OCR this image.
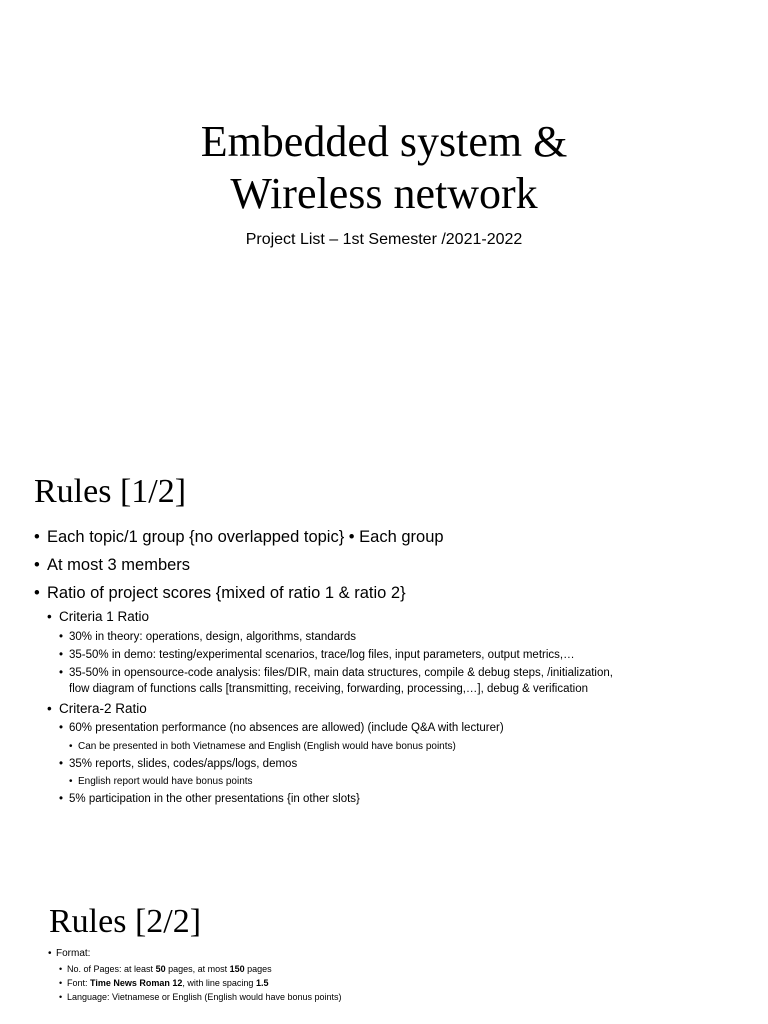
Embedded system &
Wireless network
Project List – 1st Semester /2021-2022
Rules [1/2]
• Each topic/1 group {no overlapped topic} • Each group
• At most 3 members
• Ratio of project scores {mixed of ratio 1 & ratio 2}
• Criteria 1 Ratio
• 30% in theory: operations, design, algorithms, standards
• 35-50% in demo: testing/experimental scenarios, trace/log files, input parameters, output metrics,…
• 35-50% in opensource-code analysis: files/DIR, main data structures, compile & debug steps, /initialization,
flow diagram of functions calls [transmitting, receiving, forwarding, processing,…], debug & verification
• Critera-2 Ratio
• 60% presentation performance (no absences are allowed) (include Q&A with lecturer)
• Can be presented in both Vietnamese and English (English would have bonus points)
• 35% reports, slides, codes/apps/logs, demos
• English report would have bonus points
• 5% participation in the other presentations {in other slots}
Rules [2/2]
• Format:
• No. of Pages: at least 50 pages, at most 150 pages
• Font: Time News Roman 12, with line spacing 1.5
• Language: Vietnamese or English (English would have bonus points)
